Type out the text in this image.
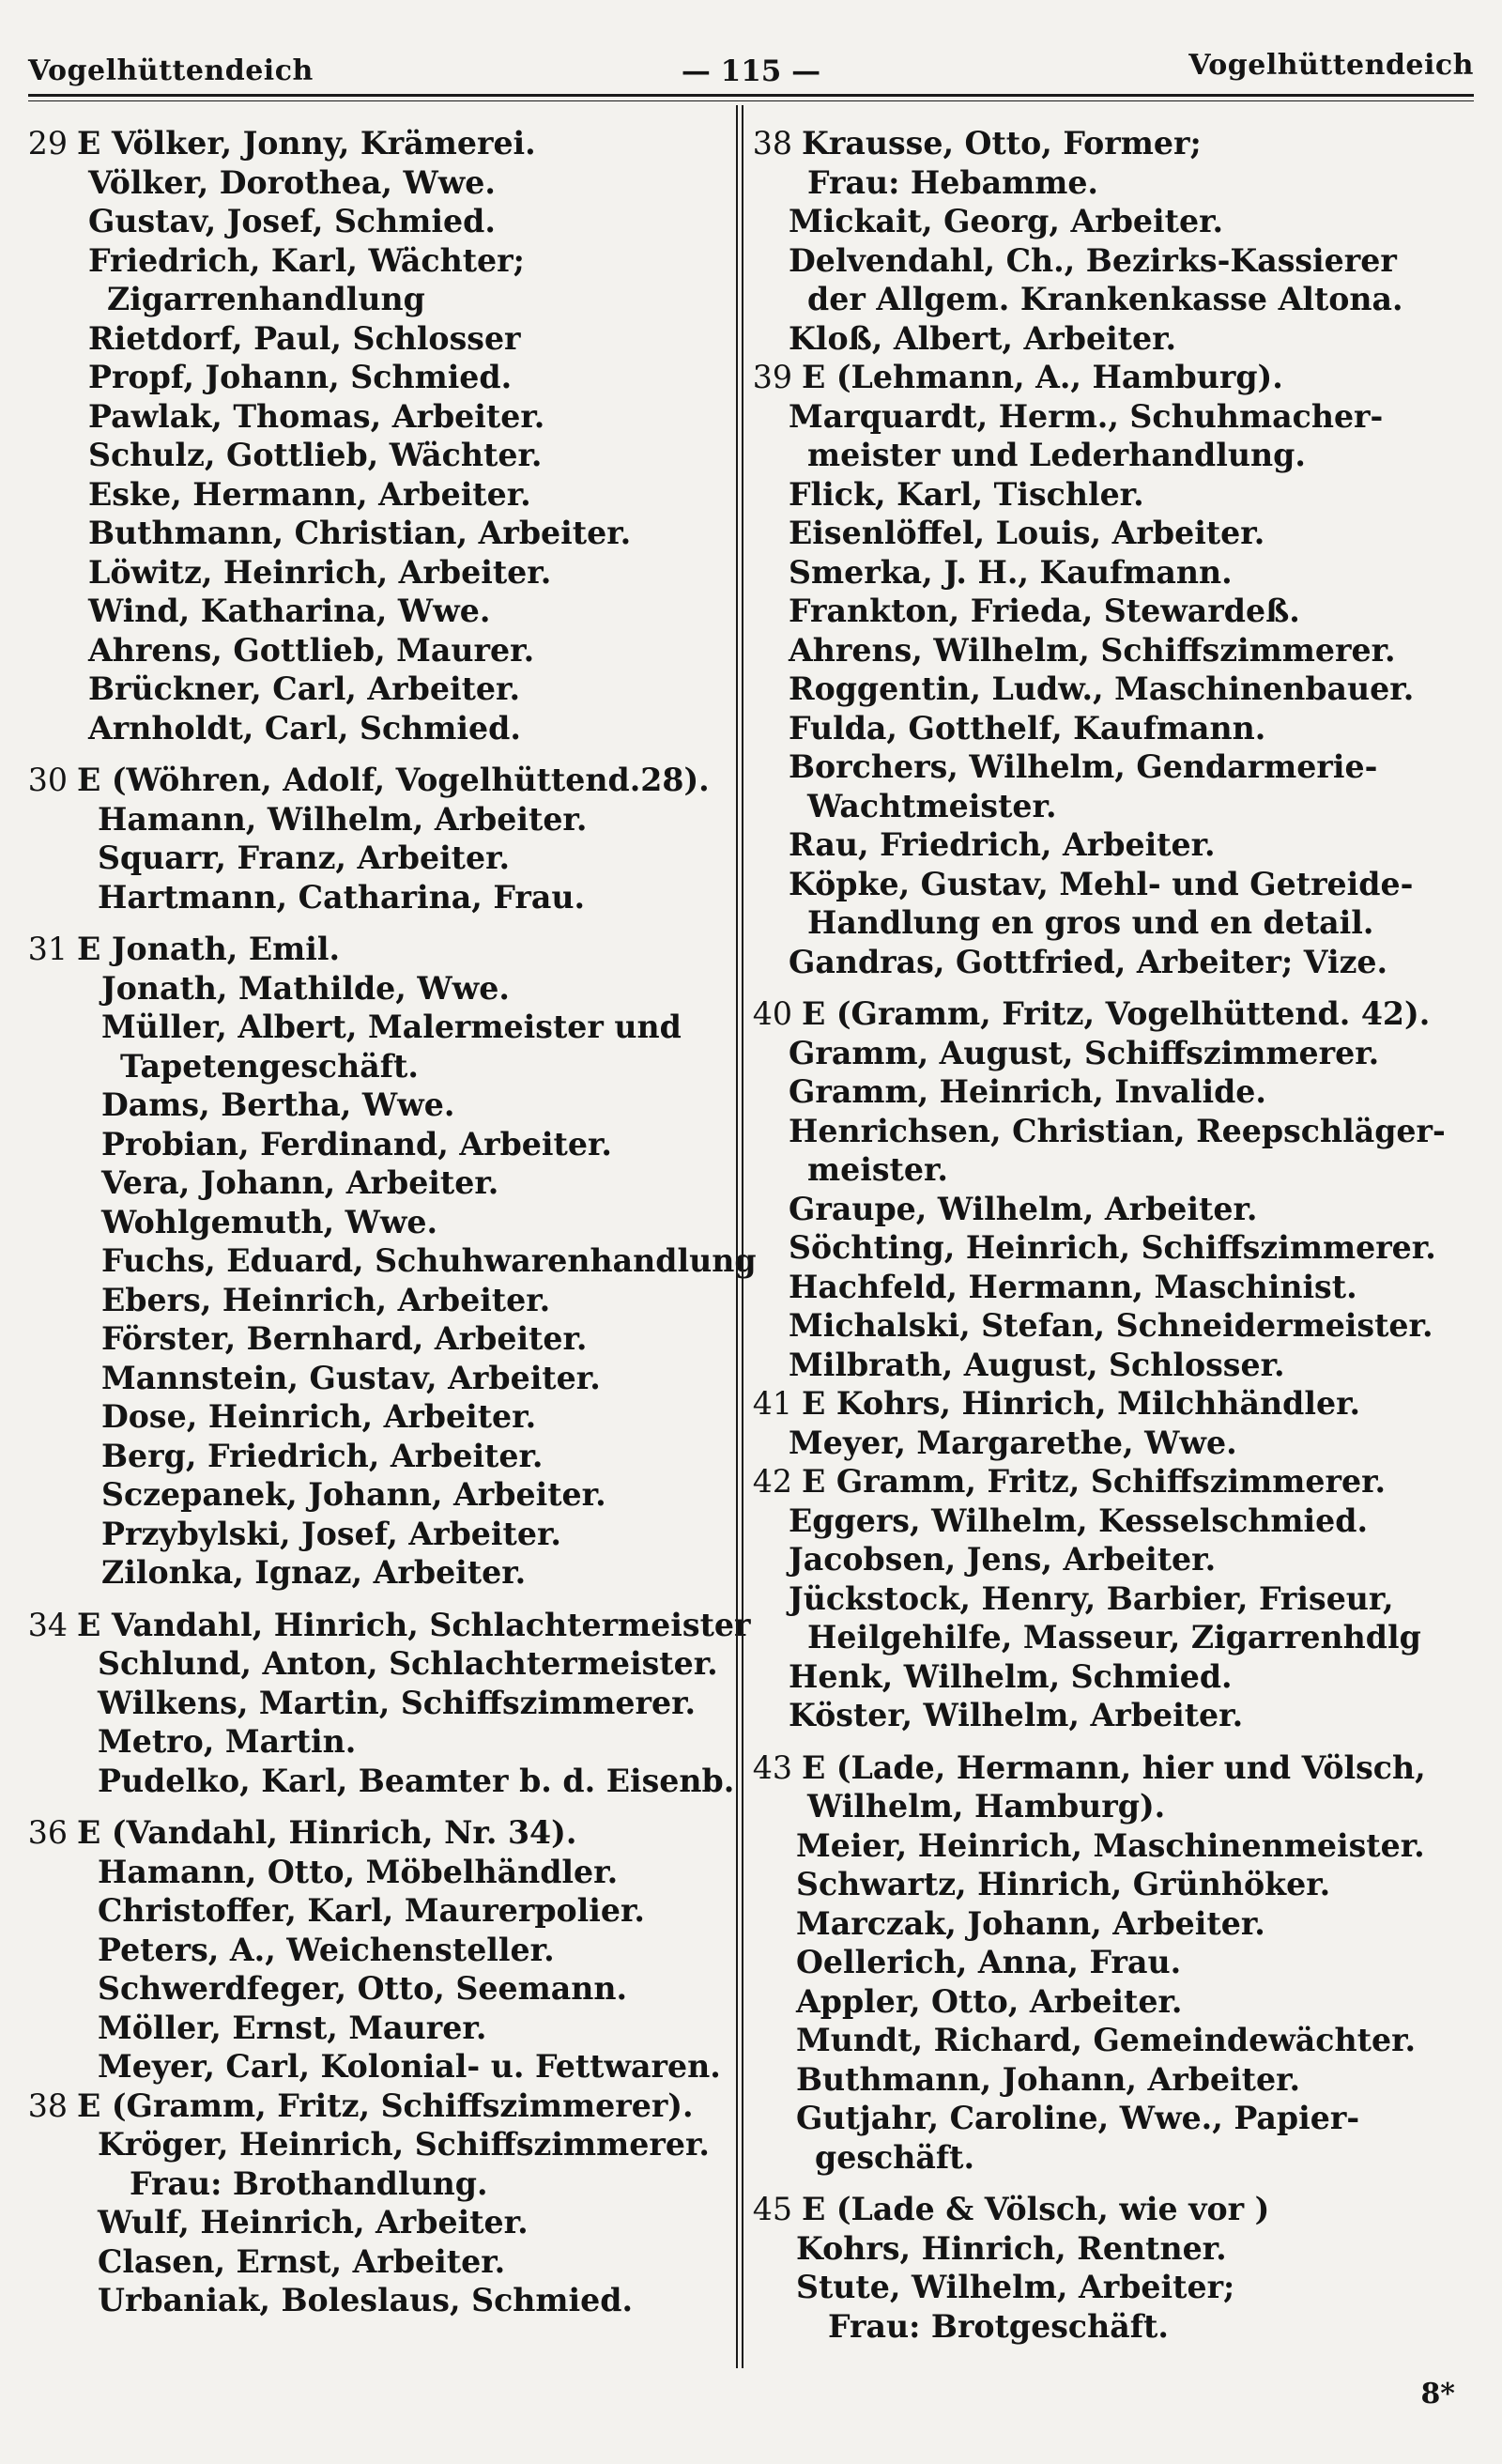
Vogelhüttendeich	— 115 —	Vogelhüttendeich
29 E Völker, Jonny, Krämerei.
Völker, Dorothea, Wwe.
Gustav, Josef, Schmied.
Friedrich, Karl, Wächter;
Zigarrenhandlung
Rietdorf, Paul, Schlosser
Propf, Johann, Schmied.
Pawlak, Thomas, Arbeiter.
Schulz, Gottlieb, Wächter.
Eske, Hermann, Arbeiter.
Buthmann, Christian, Arbeiter.
Löwitz, Heinrich, Arbeiter.
Wind, Katharina, Wwe.
Ahrens, Gottlieb, Maurer.
Brückner, Carl, Arbeiter.
Arnholdt, Carl, Schmied.
30 E (Wöhren, Adolf, Vogelhüttend.28).
Hamann, Wilhelm, Arbeiter.
Squarr, Franz, Arbeiter.
Hartmann, Catharina, Frau.
31 E Jonath, Emil.
Jonath, Mathilde, Wwe.
Müller, Albert, Malermeister und
Tapetengeschäft.
Dams, Bertha, Wwe.
Probian, Ferdinand, Arbeiter.
Vera, Johann, Arbeiter.
Wohlgemuth, Wwe.
Fuchs, Eduard, Schuhwarenhandlung
Ebers, Heinrich, Arbeiter.
Förster, Bernhard, Arbeiter.
Mannstein, Gustav, Arbeiter.
Dose, Heinrich, Arbeiter.
Berg, Friedrich, Arbeiter.
Sczepanek, Johann, Arbeiter.
Przybylski, Josef, Arbeiter.
Zilonka, Ignaz, Arbeiter.
34 E Vandahl, Hinrich, Schlachtermeister
Schlund, Anton, Schlachtermeister.
Wilkens, Martin, Schiffszimmerer.
Metro, Martin.
Pudelko, Karl, Beamter b. d. Eisenb.
36 E (Vandahl, Hinrich, Nr. 34).
Hamann, Otto, Möbelhändler.
Christoffer, Karl, Maurerpolier.
Peters, A., Weichensteller.
Schwerdfeger, Otto, Seemann.
Möller, Ernst, Maurer.
Meyer, Carl, Kolonial- u. Fettwaren.
38 E (Gramm, Fritz, Schiffszimmerer).
Kröger, Heinrich, Schiffszimmerer.
Frau: Brothandlung.
Wulf, Heinrich, Arbeiter.
Clasen, Ernst, Arbeiter.
Urbaniak, Boleslaus, Schmied.
38 Krausse, Otto, Former;
Frau: Hebamme.
Mickait, Georg, Arbeiter.
Delvendahl, Ch., Bezirks-Kassierer
der Allgem. Krankenkasse Altona.
Kloß, Albert, Arbeiter.
39 E (Lehmann, A., Hamburg).
Marquardt, Herm., Schuhmacher-
meister und Lederhandlung.
Flick, Karl, Tischler.
Eisenlöffel, Louis, Arbeiter.
Smerka, J. H., Kaufmann.
Frankton, Frieda, Stewardeß.
Ahrens, Wilhelm, Schiffszimmerer.
Roggentin, Ludw., Maschinenbauer.
Fulda, Gotthelf, Kaufmann.
Borchers, Wilhelm, Gendarmerie-
Wachtmeister.
Rau, Friedrich, Arbeiter.
Köpke, Gustav, Mehl- und Getreide-
Handlung en gros und en detail.
Gandras, Gottfried, Arbeiter; Vize.
40 E (Gramm, Fritz, Vogelhüttend. 42).
Gramm, August, Schiffszimmerer.
Gramm, Heinrich, Invalide.
Henrichsen, Christian, Reepschläger-
meister.
Graupe, Wilhelm, Arbeiter.
Söchting, Heinrich, Schiffszimmerer.
Hachfeld, Hermann, Maschinist.
Michalski, Stefan, Schneidermeister.
Milbrath, August, Schlosser.
41 E Kohrs, Hinrich, Milchhändler.
Meyer, Margarethe, Wwe.
42 E Gramm, Fritz, Schiffszimmerer.
Eggers, Wilhelm, Kesselschmied.
Jacobsen, Jens, Arbeiter.
Jückstock, Henry, Barbier, Friseur,
Heilgehilfe, Masseur, Zigarrenhdlg
Henk, Wilhelm, Schmied.
Köster, Wilhelm, Arbeiter.
43 E (Lade, Hermann, hier und Völsch,
Wilhelm, Hamburg).
Meier, Heinrich, Maschinenmeister.
Schwartz, Hinrich, Grünhöker.
Marczak, Johann, Arbeiter.
Oellerich, Anna, Frau.
Appler, Otto, Arbeiter.
Mundt, Richard, Gemeindewächter.
Buthmann, Johann, Arbeiter.
Gutjahr, Caroline, Wwe., Papier-
geschäft.
45 E (Lade & Völsch, wie vor )
Kohrs, Hinrich, Rentner.
Stute, Wilhelm, Arbeiter;
Frau: Brotgeschäft.
8*
